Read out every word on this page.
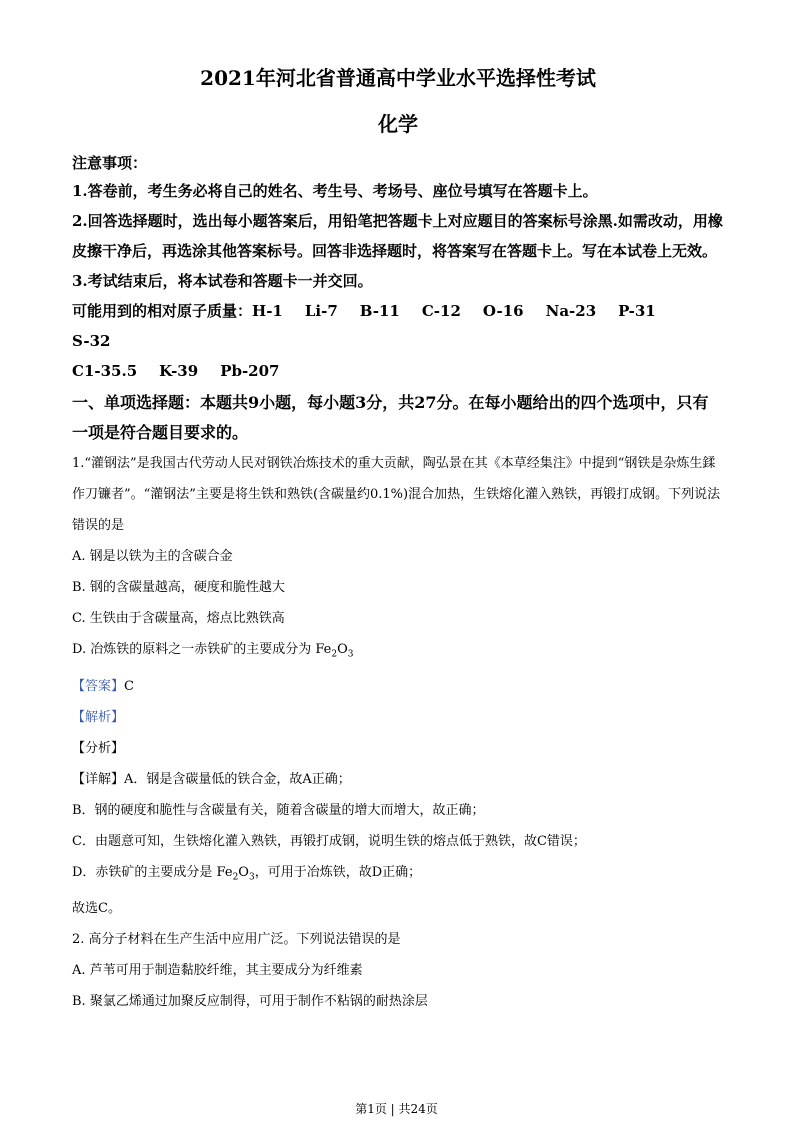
2021年河北省普通高中学业水平选择性考试
化学
注意事项：

1.答卷前，考生务必将自己的姓名、考生号、考场号、座位号填写在答题卡上。

2.回答选择题时，选出每小题答案后，用铅笔把答题卡上对应题目的答案标号涂黑.如需改动，用橡皮擦干净后，再选涂其他答案标号。回答非选择题时，将答案写在答题卡上。写在本试卷上无效。

3.考试结束后，将本试卷和答题卡一并交回。

可能用到的相对原子质量：H-1 Li-7 B-11 C-12 O-16 Na-23 P-31S-32
C1-35.5 K-39 Pb-207
一、单项选择题：本题共9小题，每小题3分，共27分。在每小题给出的四个选项中，只有一项是符合题目要求的。

1.“灌钢法”是我国古代劳动人民对钢铁冶炼技术的重大贡献，陶弘景在其《本草经集注》中提到“钢铁是杂炼生鍒作刀镰者”。“灌钢法”主要是将生铁和熟铁(含碳量约0.1%)混合加热，生铁熔化灌入熟铁，再锻打成钢。下列说法错误的是

A. 钢是以铁为主的含碳合金

B. 钢的含碳量越高，硬度和脆性越大

C. 生铁由于含碳量高，熔点比熟铁高

D. 冶炼铁的原料之一赤铁矿的主要成分为 $Fe_2O_3$

【答案】C

【解析】

【分析】

【详解】A．钢是含碳量低的铁合金，故A正确；

B．钢的硬度和脆性与含碳量有关，随着含碳量的增大而增大，故正确；

C．由题意可知，生铁熔化灌入熟铁，再锻打成钢，说明生铁的熔点低于熟铁，故C错误；

D．赤铁矿的主要成分是 $Fe_2O_3$，可用于冶炼铁，故D正确；

故选C。

2. 高分子材料在生产生活中应用广泛。下列说法错误的是

A. 芦苇可用于制造黏胶纤维，其主要成分为纤维素

B. 聚氯乙烯通过加聚反应制得，可用于制作不粘锅的耐热涂层

第1页 | 共24页
